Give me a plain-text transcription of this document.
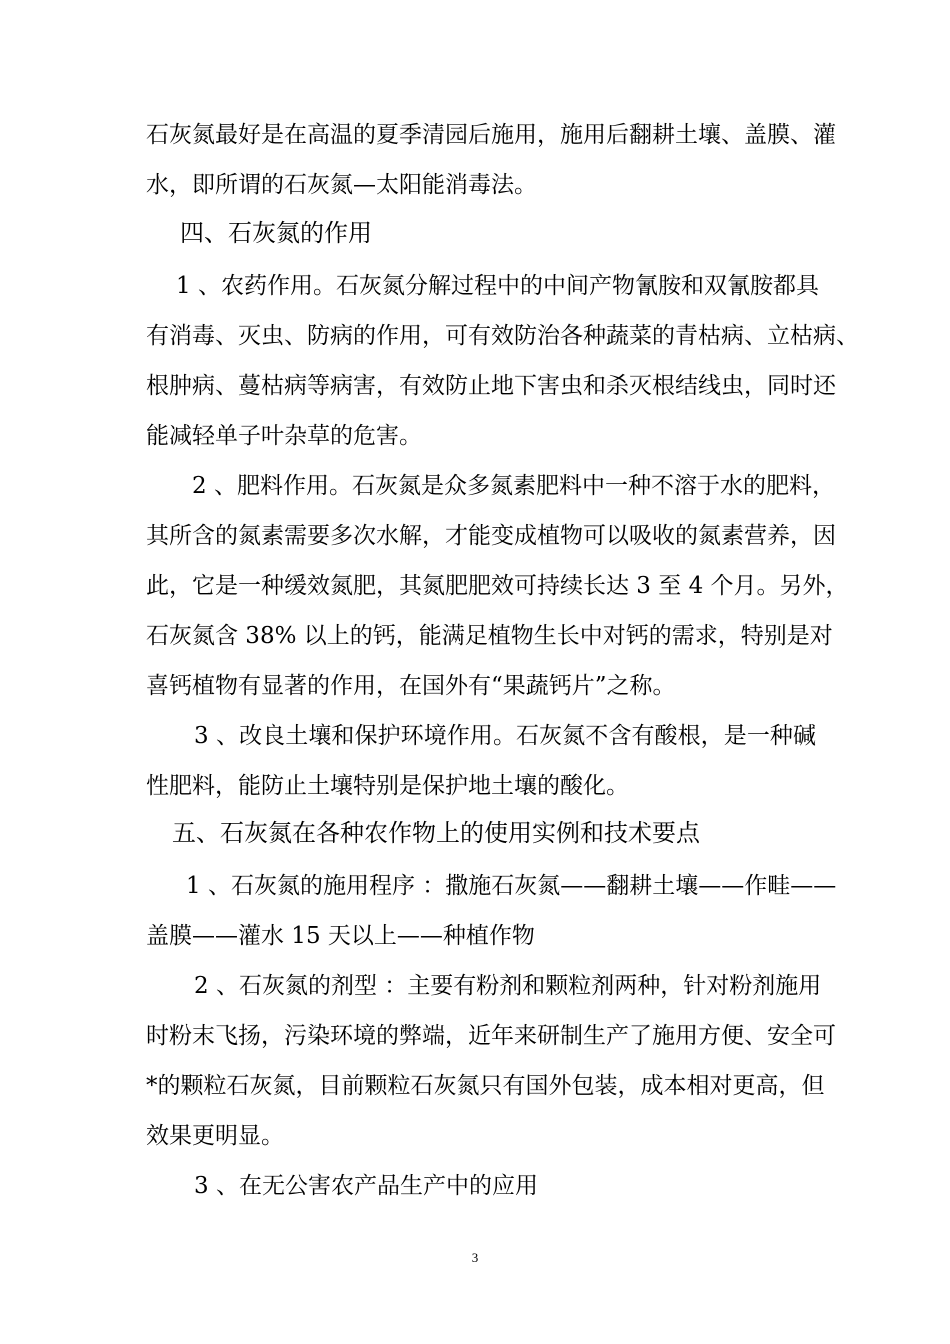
石灰氮最好是在高温的夏季清园后施用，施用后翻耕土壤、盖膜、灌
水，即所谓的石灰氮—太阳能消毒法。
四、石灰氮的作用
1 、农药作用。石灰氮分解过程中的中间产物氰胺和双氰胺都具
有消毒、灭虫、防病的作用，可有效防治各种蔬菜的青枯病、立枯病、
根肿病、蔓枯病等病害，有效防止地下害虫和杀灭根结线虫，同时还
能减轻单子叶杂草的危害。
2 、肥料作用。石灰氮是众多氮素肥料中一种不溶于水的肥料，
其所含的氮素需要多次水解，才能变成植物可以吸收的氮素营养，因
此，它是一种缓效氮肥，其氮肥肥效可持续长达 3 至 4 个月。另外，
石灰氮含 38% 以上的钙，能满足植物生长中对钙的需求，特别是对
喜钙植物有显著的作用，在国外有“果蔬钙片”之称。
3 、改良土壤和保护环境作用。石灰氮不含有酸根，是一种碱
性肥料，能防止土壤特别是保护地土壤的酸化。
五、石灰氮在各种农作物上的使用实例和技术要点
1 、石灰氮的施用程序 ：撒施石灰氮——翻耕土壤——作畦——
盖膜——灌水 15 天以上——种植作物
2 、石灰氮的剂型 ：主要有粉剂和颗粒剂两种，针对粉剂施用
时粉末飞扬，污染环境的弊端，近年来研制生产了施用方便、安全可
*的颗粒石灰氮，目前颗粒石灰氮只有国外包装，成本相对更高，但
效果更明显。
3 、在无公害农产品生产中的应用
3
